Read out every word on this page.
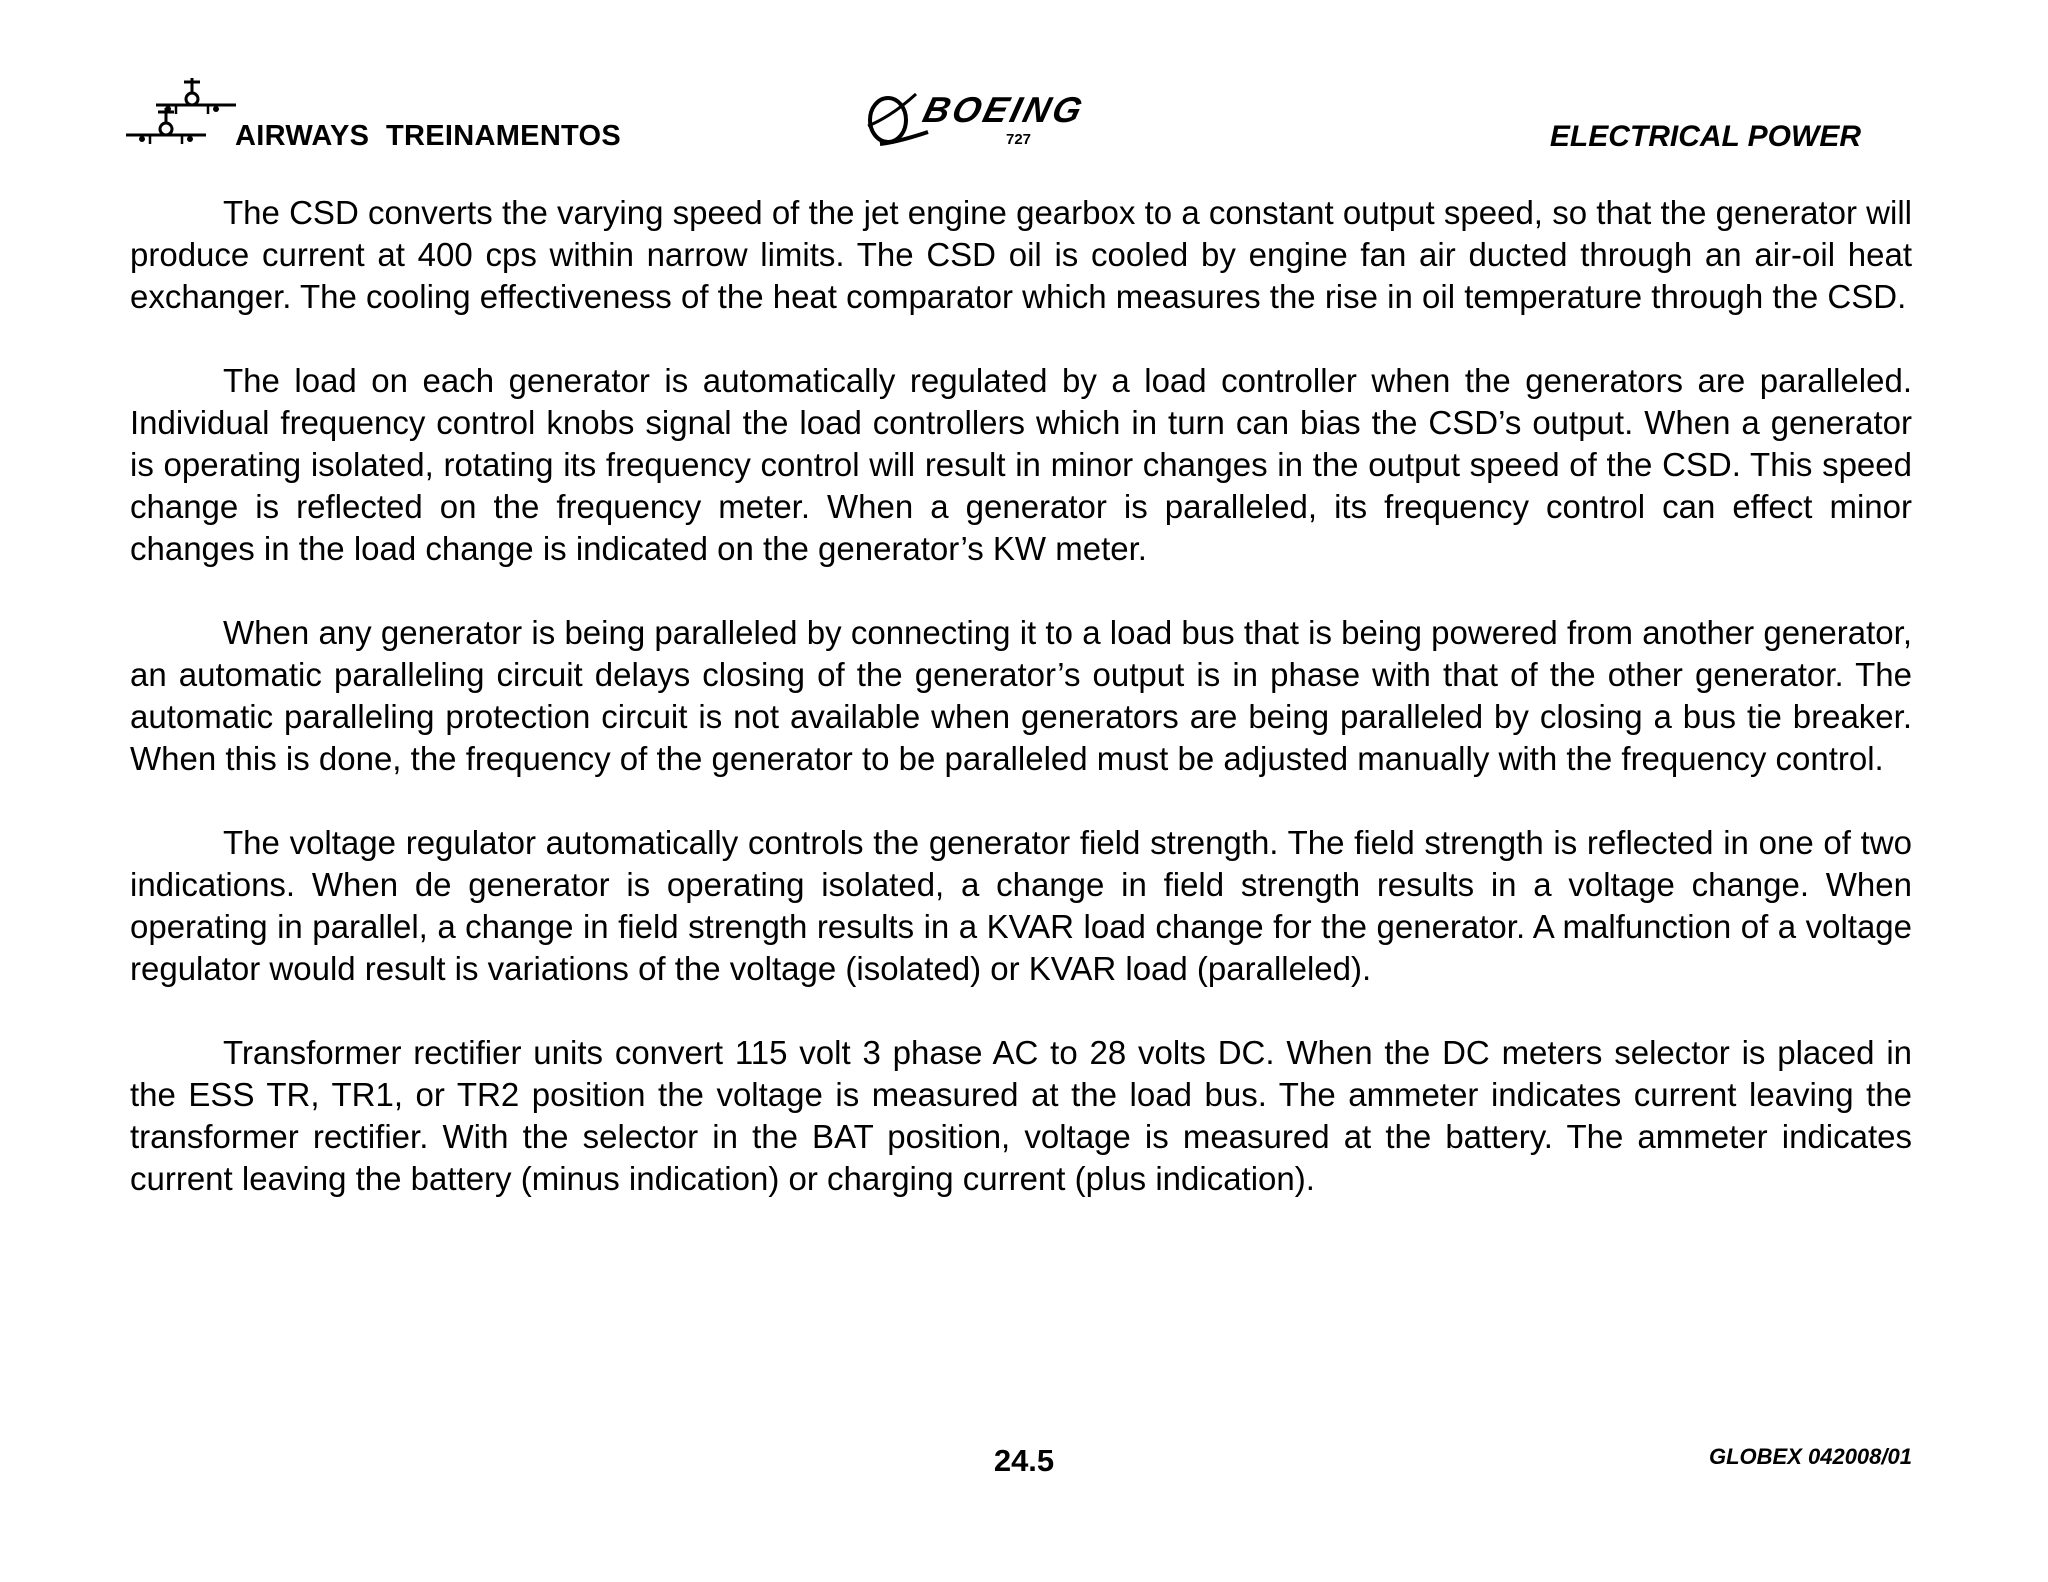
AIRWAYS  TREINAMENTOS
BOEING
727	ELECTRICAL POWER

The CSD converts the varying speed of the jet engine gearbox to a constant output speed, so that the generator will produce current at 400 cps within narrow limits. The CSD oil is cooled by engine fan air ducted through an air-oil heat exchanger. The cooling effectiveness of the heat comparator which measures the rise in oil temperature through the CSD.

The load on each generator is automatically regulated by a load controller when the generators are paralleled. Individual frequency control knobs signal the load controllers which in turn can bias the CSD’s output. When a generator is operating isolated, rotating its frequency control will result in minor changes in the output speed of the CSD. This speed change is reflected on the frequency meter. When a generator is paralleled, its frequency control can effect minor changes in the load change is indicated on the generator’s KW meter.

When any generator is being paralleled by connecting it to a load bus that is being powered from another generator, an automatic paralleling circuit delays closing of the generator’s output is in phase with that of the other generator. The automatic paralleling protection circuit is not available when generators are being paralleled by closing a bus tie breaker. When this is done, the frequency of the generator to be paralleled must be adjusted manually with the frequency control.

The voltage regulator automatically controls the generator field strength. The field strength is reflected in one of two indications. When de generator is operating isolated, a change in field strength results in a voltage change. When operating in parallel, a change in field strength results in a KVAR load change for the generator. A malfunction of a voltage regulator would result is variations of the voltage (isolated) or KVAR load (paralleled).

Transformer rectifier units convert 115 volt 3 phase AC to 28 volts DC. When the DC meters selector is placed in the ESS TR, TR1, or TR2 position the voltage is measured at the load bus. The ammeter indicates current leaving the transformer rectifier. With the selector in the BAT position, voltage is measured at the battery. The ammeter indicates current leaving the battery (minus indication) or charging current (plus indication).

24.5	GLOBEX 042008/01
